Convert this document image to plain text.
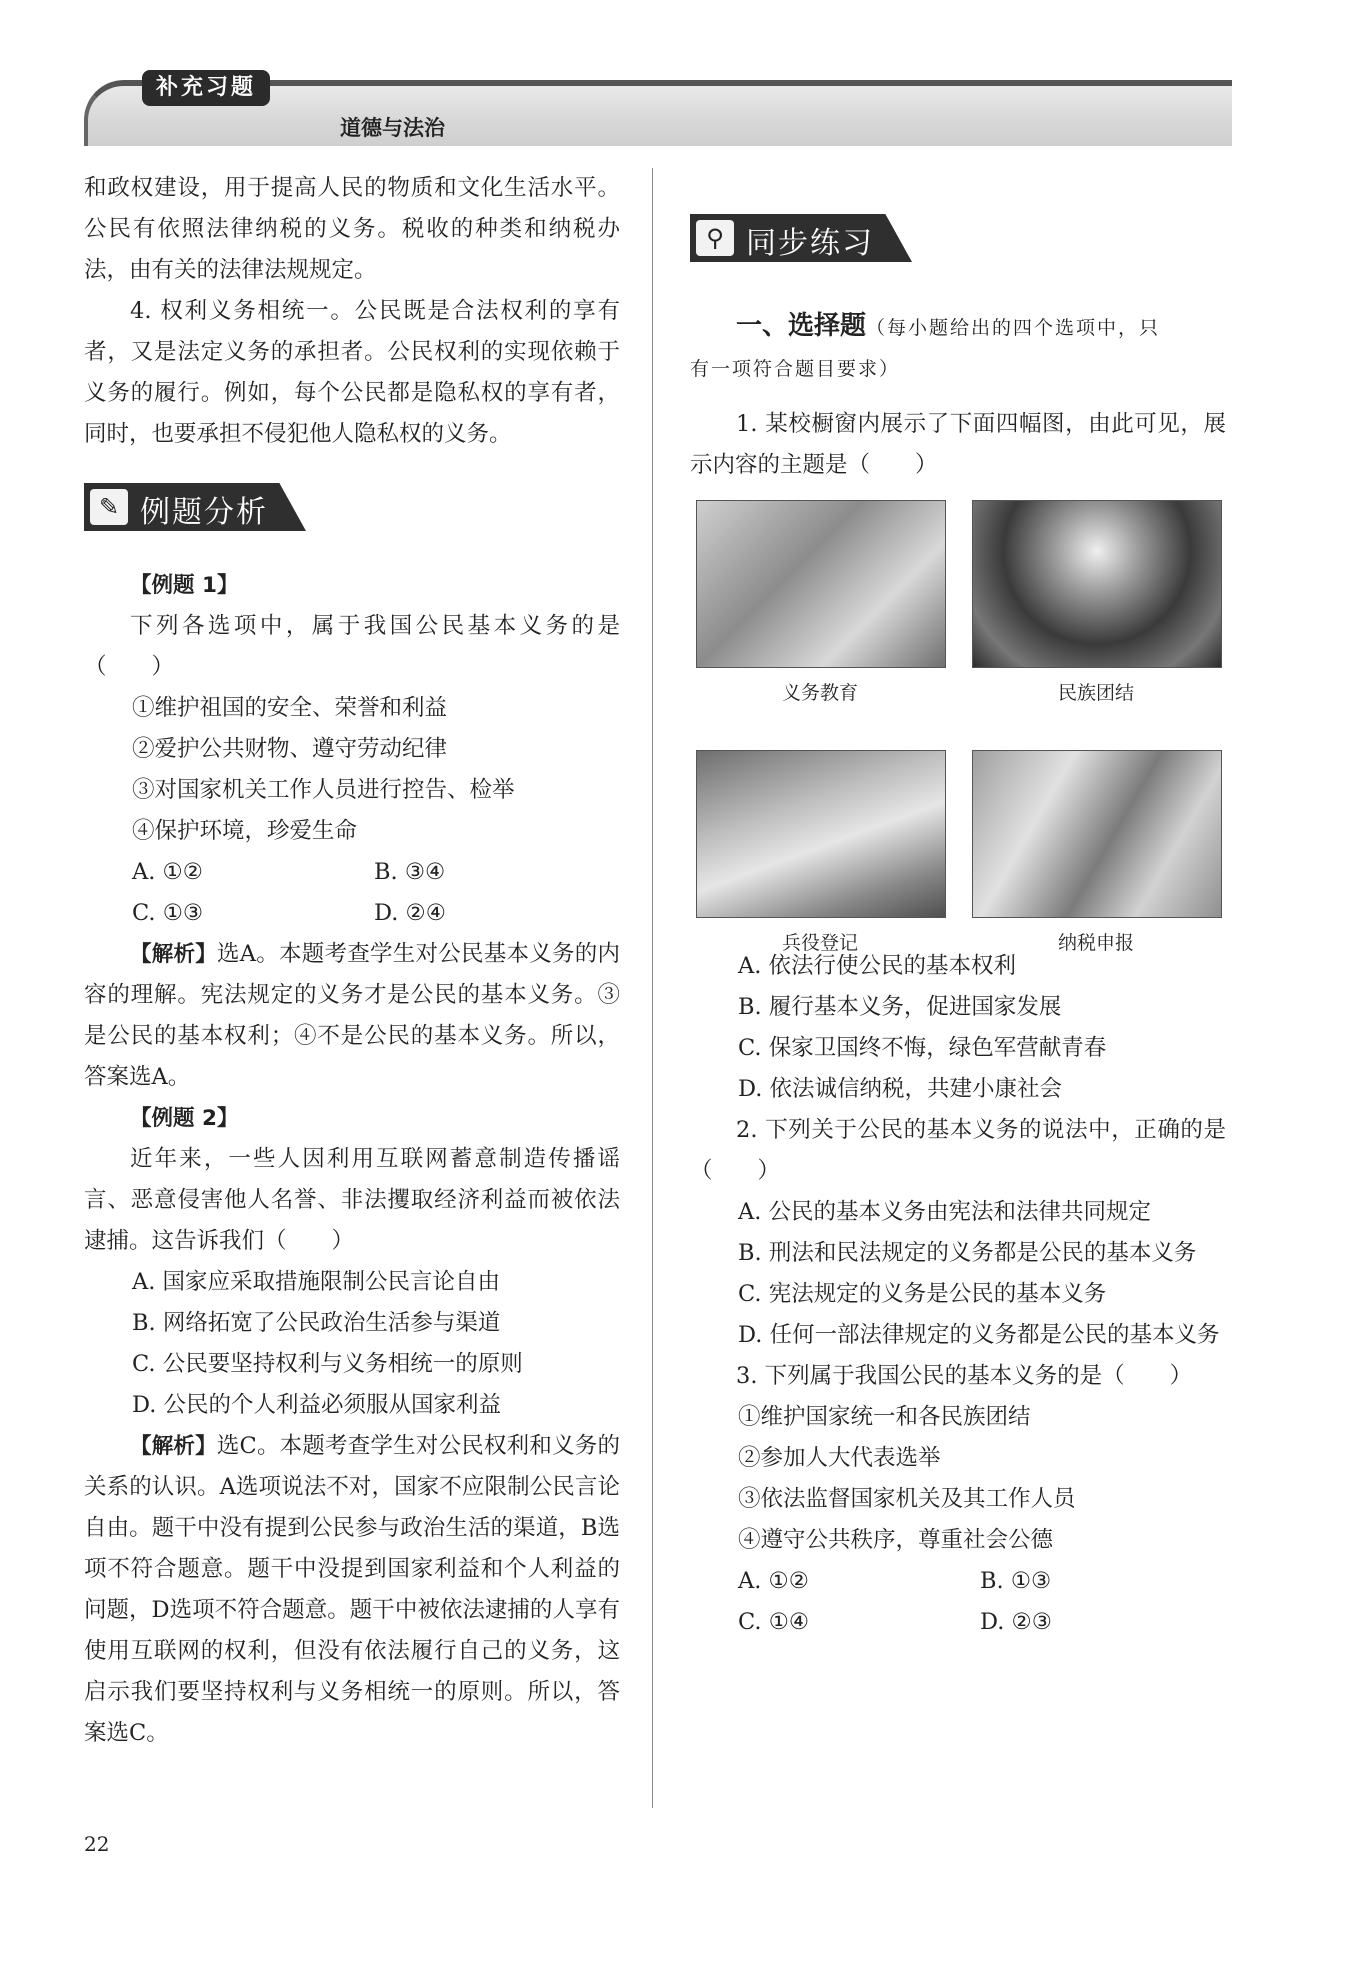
补充习题
道德与法治

和政权建设，用于提高人民的物质和文化生活水平。公民有依照法律纳税的义务。税收的种类和纳税办法，由有关的法律法规规定。

4. 权利义务相统一。公民既是合法权利的享有者，又是法定义务的承担者。公民权利的实现依赖于义务的履行。例如，每个公民都是隐私权的享有者，同时，也要承担不侵犯他人隐私权的义务。

✎ 例题分析
【例题 1】

下列各选项中，属于我国公民基本义务的是（　　）

①维护祖国的安全、荣誉和利益

②爱护公共财物、遵守劳动纪律

③对国家机关工作人员进行控告、检举

④保护环境，珍爱生命

A. ①②	B. ③④
C. ①③	D. ②④

【解析】选A。本题考查学生对公民基本义务的内容的理解。宪法规定的义务才是公民的基本义务。③是公民的基本权利；④不是公民的基本义务。所以，答案选A。

【例题 2】

近年来，一些人因利用互联网蓄意制造传播谣言、恶意侵害他人名誉、非法攫取经济利益而被依法逮捕。这告诉我们（　　）

A. 国家应采取措施限制公民言论自由

B. 网络拓宽了公民政治生活参与渠道

C. 公民要坚持权利与义务相统一的原则

D. 公民的个人利益必须服从国家利益

【解析】选C。本题考查学生对公民权利和义务的关系的认识。A选项说法不对，国家不应限制公民言论自由。题干中没有提到公民参与政治生活的渠道，B选项不符合题意。题干中没提到国家利益和个人利益的问题，D选项不符合题意。题干中被依法逮捕的人享有使用互联网的权利，但没有依法履行自己的义务，这启示我们要坚持权利与义务相统一的原则。所以，答案选C。

⚲ 同步练习

一、选择题（每小题给出的四个选项中，只

有一项符合题目要求）

1. 某校橱窗内展示了下面四幅图，由此可见，展示内容的主题是（　　）

义务教育	民族团结
兵役登记	纳税申报

A. 依法行使公民的基本权利

B. 履行基本义务，促进国家发展

C. 保家卫国终不悔，绿色军营献青春

D. 依法诚信纳税，共建小康社会

2. 下列关于公民的基本义务的说法中，正确的是（　　）

A. 公民的基本义务由宪法和法律共同规定

B. 刑法和民法规定的义务都是公民的基本义务

C. 宪法规定的义务是公民的基本义务

D. 任何一部法律规定的义务都是公民的基本义务

3. 下列属于我国公民的基本义务的是（　　）

①维护国家统一和各民族团结

②参加人大代表选举

③依法监督国家机关及其工作人员

④遵守公共秩序，尊重社会公德

A. ①②	B. ①③
C. ①④	D. ②③
22
